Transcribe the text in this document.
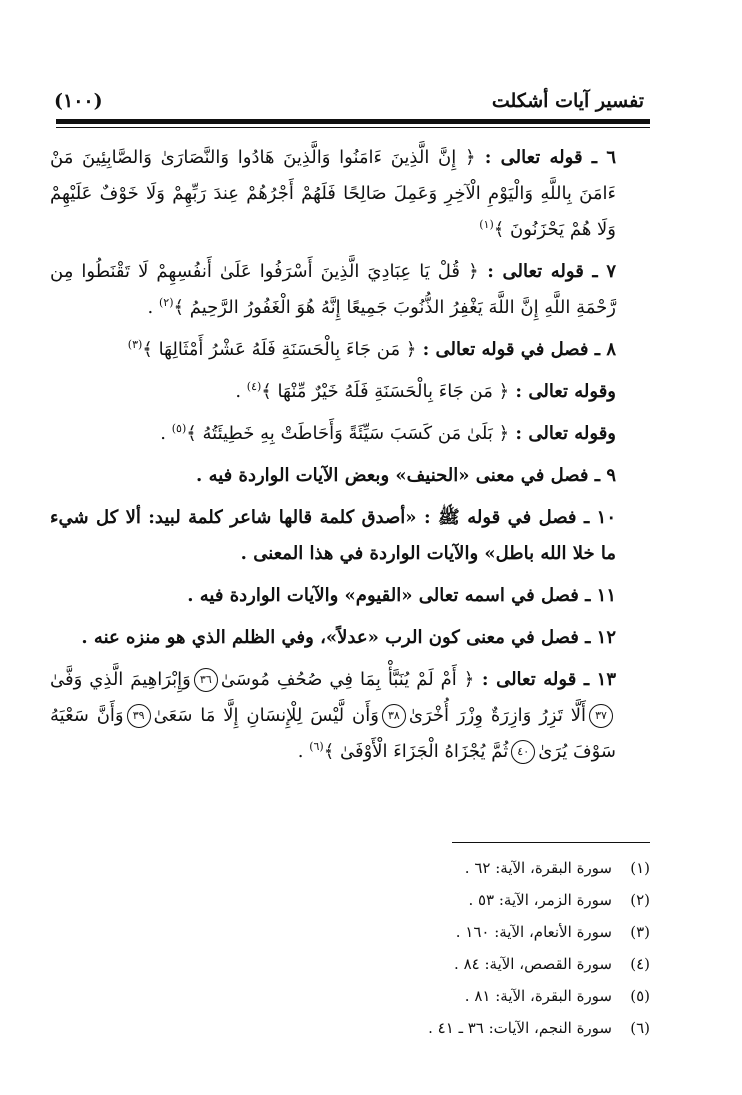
تفسير آيات أشكلت
(١٠٠)

٦ ـ قوله تعالى : ﴿ إِنَّ الَّذِينَ ءَامَنُوا وَالَّذِينَ هَادُوا وَالنَّصَارَىٰ وَالصَّابِئِينَ مَنْ ءَامَنَ بِاللَّهِ وَالْيَوْمِ الْآخِرِ وَعَمِلَ صَالِحًا فَلَهُمْ أَجْرُهُمْ عِندَ رَبِّهِمْ وَلَا خَوْفٌ عَلَيْهِمْ وَلَا هُمْ يَحْزَنُونَ ﴾$^{(١)}$

٧ ـ قوله تعالى : ﴿ قُلْ يَا عِبَادِيَ الَّذِينَ أَسْرَفُوا عَلَىٰ أَنفُسِهِمْ لَا تَقْنَطُوا مِن رَّحْمَةِ اللَّهِ إِنَّ اللَّهَ يَغْفِرُ الذُّنُوبَ جَمِيعًا إِنَّهُ هُوَ الْغَفُورُ الرَّحِيمُ ﴾$^{(٢)}$ .

٨ ـ فصل في قوله تعالى : ﴿ مَن جَاءَ بِالْحَسَنَةِ فَلَهُ عَشْرُ أَمْثَالِهَا ﴾$^{(٣)}$

وقوله تعالى : ﴿ مَن جَاءَ بِالْحَسَنَةِ فَلَهُ خَيْرٌ مِّنْهَا ﴾$^{(٤)}$ .

وقوله تعالى : ﴿ بَلَىٰ مَن كَسَبَ سَيِّئَةً وَأَحَاطَتْ بِهِ خَطِيئَتُهُ ﴾$^{(٥)}$ .

٩ ـ فصل في معنى «الحنيف» وبعض الآيات الواردة فيه .

١٠ ـ فصل في قوله ﷺ : «أصدق كلمة قالها شاعر كلمة لبيد: ألا كل شيء ما خلا الله باطل» والآيات الواردة في هذا المعنى .

١١ ـ فصل في اسمه تعالى «القيوم» والآيات الواردة فيه .

١٢ ـ فصل في معنى كون الرب «عدلاً»، وفي الظلم الذي هو منزه عنه .

١٣ ـ قوله تعالى : ﴿ أَمْ لَمْ يُنَبَّأْ بِمَا فِي صُحُفِ مُوسَىٰ٣٦وَإِبْرَاهِيمَ الَّذِي وَفَّىٰ٣٧أَلَّا تَزِرُ وَازِرَةٌ وِزْرَ أُخْرَىٰ٣٨وَأَن لَّيْسَ لِلْإِنسَانِ إِلَّا مَا سَعَىٰ٣٩وَأَنَّ سَعْيَهُ سَوْفَ يُرَىٰ٤٠ثُمَّ يُجْزَاهُ الْجَزَاءَ الْأَوْفَىٰ ﴾$^{(٦)}$ .

(١)سورة البقرة، الآية: ٦٢ .
(٢)سورة الزمر، الآية: ٥٣ .
(٣)سورة الأنعام، الآية: ١٦٠ .
(٤)سورة القصص، الآية: ٨٤ .
(٥)سورة البقرة، الآية: ٨١ .
(٦)سورة النجم، الآيات: ٣٦ ـ ٤١ .
